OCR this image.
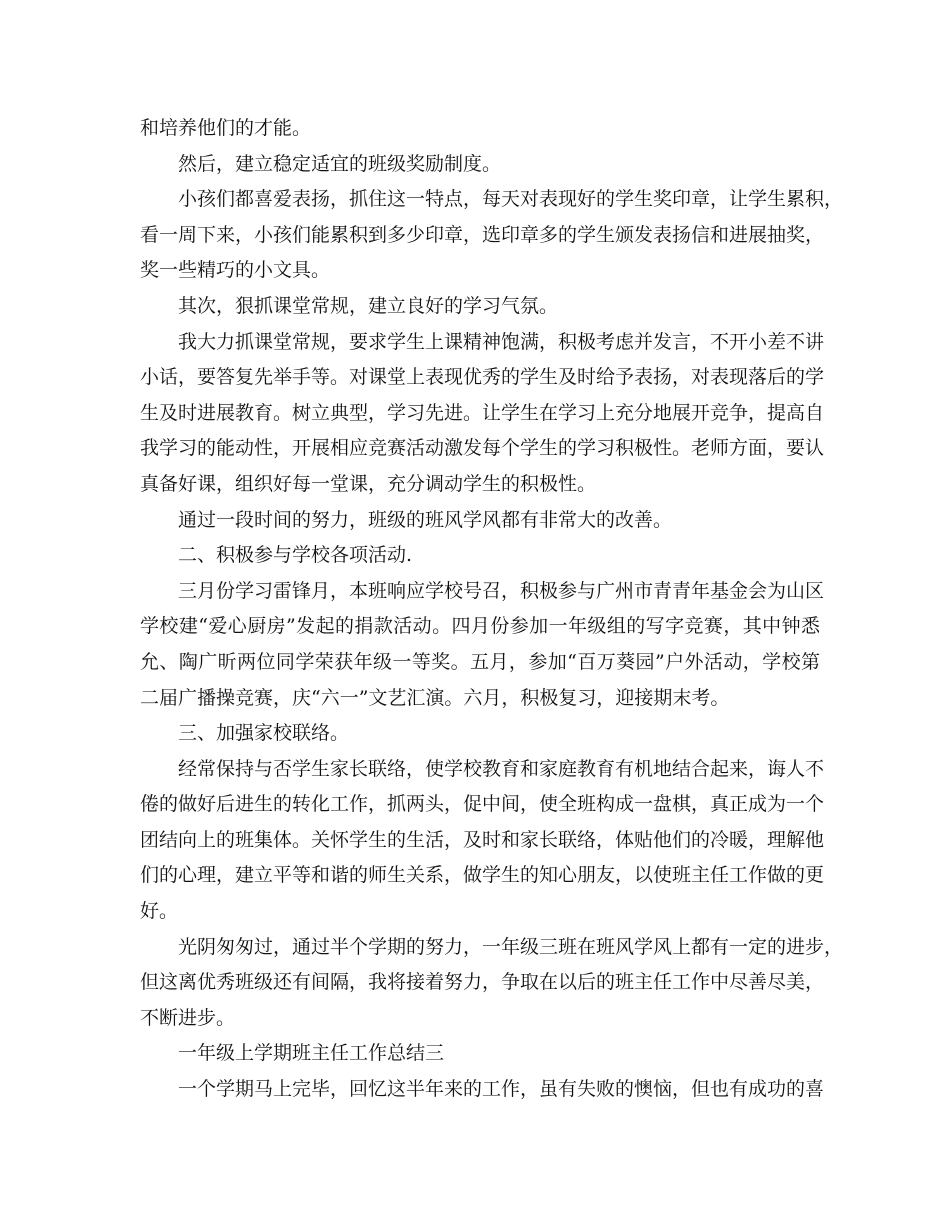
和培养他们的才能。
然后，建立稳定适宜的班级奖励制度。
小孩们都喜爱表扬，抓住这一特点，每天对表现好的学生奖印章，让学生累积，
看一周下来，小孩们能累积到多少印章，选印章多的学生颁发表扬信和进展抽奖，
奖一些精巧的小文具。
其次，狠抓课堂常规，建立良好的学习气氛。
我大力抓课堂常规，要求学生上课精神饱满，积极考虑并发言，不开小差不讲
小话，要答复先举手等。对课堂上表现优秀的学生及时给予表扬，对表现落后的学
生及时进展教育。树立典型，学习先进。让学生在学习上充分地展开竞争，提高自
我学习的能动性，开展相应竞赛活动激发每个学生的学习积极性。老师方面，要认
真备好课，组织好每一堂课，充分调动学生的积极性。
通过一段时间的努力，班级的班风学风都有非常大的改善。
二、积极参与学校各项活动.
三月份学习雷锋月，本班响应学校号召，积极参与广州市青青年基金会为山区
学校建“爱心厨房”发起的捐款活动。四月份参加一年级组的写字竞赛，其中钟悉
允、陶广昕两位同学荣获年级一等奖。五月，参加“百万葵园”户外活动，学校第
二届广播操竞赛，庆“六一”文艺汇演。六月，积极复习，迎接期末考。
三、加强家校联络。
经常保持与否学生家长联络，使学校教育和家庭教育有机地结合起来，诲人不
倦的做好后进生的转化工作，抓两头，促中间，使全班构成一盘棋，真正成为一个
团结向上的班集体。关怀学生的生活，及时和家长联络，体贴他们的冷暖，理解他
们的心理，建立平等和谐的师生关系，做学生的知心朋友，以使班主任工作做的更
好。
光阴匆匆过，通过半个学期的努力，一年级三班在班风学风上都有一定的进步，
但这离优秀班级还有间隔，我将接着努力，争取在以后的班主任工作中尽善尽美，
不断进步。
一年级上学期班主任工作总结三
一个学期马上完毕，回忆这半年来的工作，虽有失败的懊恼，但也有成功的喜
